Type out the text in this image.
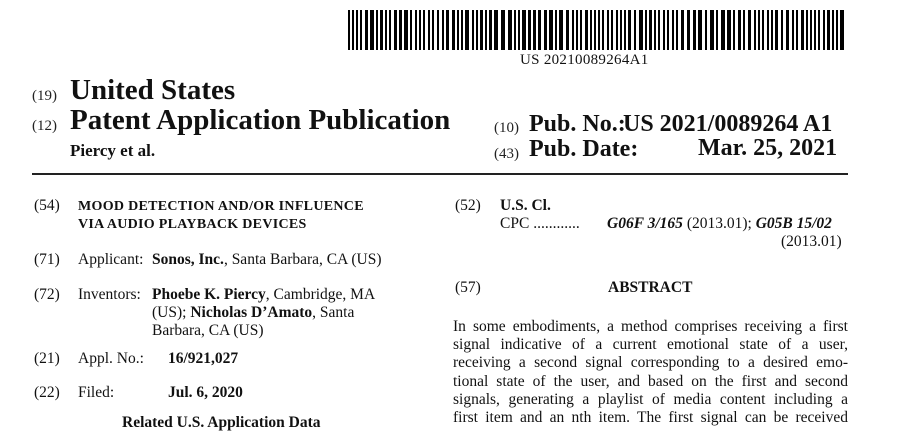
US 20210089264A1
(19) United States
(12) Patent Application Publication
Piercy et al.
(10) Pub. No.:
US 2021/0089264 A1
(43) Pub. Date: Mar. 25, 2021
(54) MOOD DETECTION AND/OR INFLUENCE
VIA AUDIO PLAYBACK DEVICES
(71) Applicant: Sonos, Inc., Santa Barbara, CA (US)
(72) Inventors: Phoebe K. Piercy, Cambridge, MA
(US); Nicholas D’Amato, Santa
Barbara, CA (US)
(21) Appl. No.: 16/921,027
(22) Filed:	Jul. 6, 2020
Related U.S. Application Data
(52) U.S. Cl.
CPC ............ G06F 3/165 (2013.01); G05B 15/02
(2013.01)
(57)	ABSTRACT
In some embodiments, a method comprises receiving a first
signal indicative of a current emotional state of a user,
receiving a second signal corresponding to a desired emo-
tional state of the user, and based on the first and second
signals, generating a playlist of media content including a
first item and an nth item. The first signal can be received
